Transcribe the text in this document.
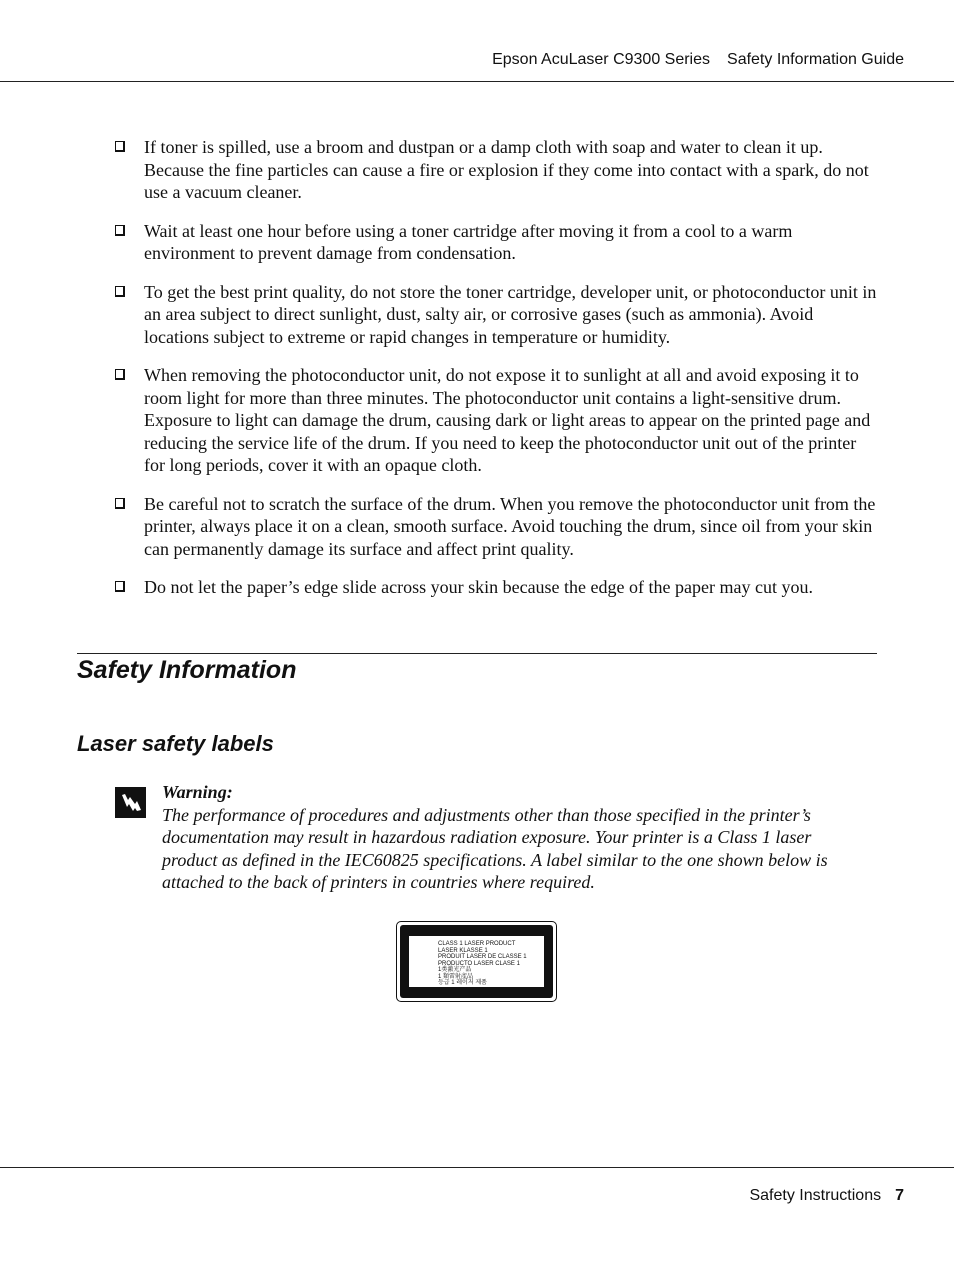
Epson AcuLaser C9300 Series Safety Information Guide
If toner is spilled, use a broom and dustpan or a damp cloth with soap and water to clean it up. Because the fine particles can cause a fire or explosion if they come into contact with a spark, do not use a vacuum cleaner.
Wait at least one hour before using a toner cartridge after moving it from a cool to a warm environment to prevent damage from condensation.
To get the best print quality, do not store the toner cartridge, developer unit, or photoconductor unit in an area subject to direct sunlight, dust, salty air, or corrosive gases (such as ammonia). Avoid locations subject to extreme or rapid changes in temperature or humidity.
When removing the photoconductor unit, do not expose it to sunlight at all and avoid exposing it to room light for more than three minutes. The photoconductor unit contains a light-sensitive drum. Exposure to light can damage the drum, causing dark or light areas to appear on the printed page and reducing the service life of the drum. If you need to keep the photoconductor unit out of the printer for long periods, cover it with an opaque cloth.
Be careful not to scratch the surface of the drum. When you remove the photoconductor unit from the printer, always place it on a clean, smooth surface. Avoid touching the drum, since oil from your skin can permanently damage its surface and affect print quality.
Do not let the paper’s edge slide across your skin because the edge of the paper may cut you.
Safety Information
Laser safety labels
Warning:
The performance of procedures and adjustments other than those specified in the printer’s documentation may result in hazardous radiation exposure. Your printer is a Class 1 laser product as defined in the IEC60825 specifications. A label similar to the one shown below is attached to the back of printers in countries where required.
CLASS 1 LASER PRODUCT
LASER KLASSE 1
PRODUIT LASER DE CLASSE 1
PRODUCTO LASER CLASE 1
1类激光产品
1 類雷射產品
등급 1 레이저 제품
Safety Instructions 7
